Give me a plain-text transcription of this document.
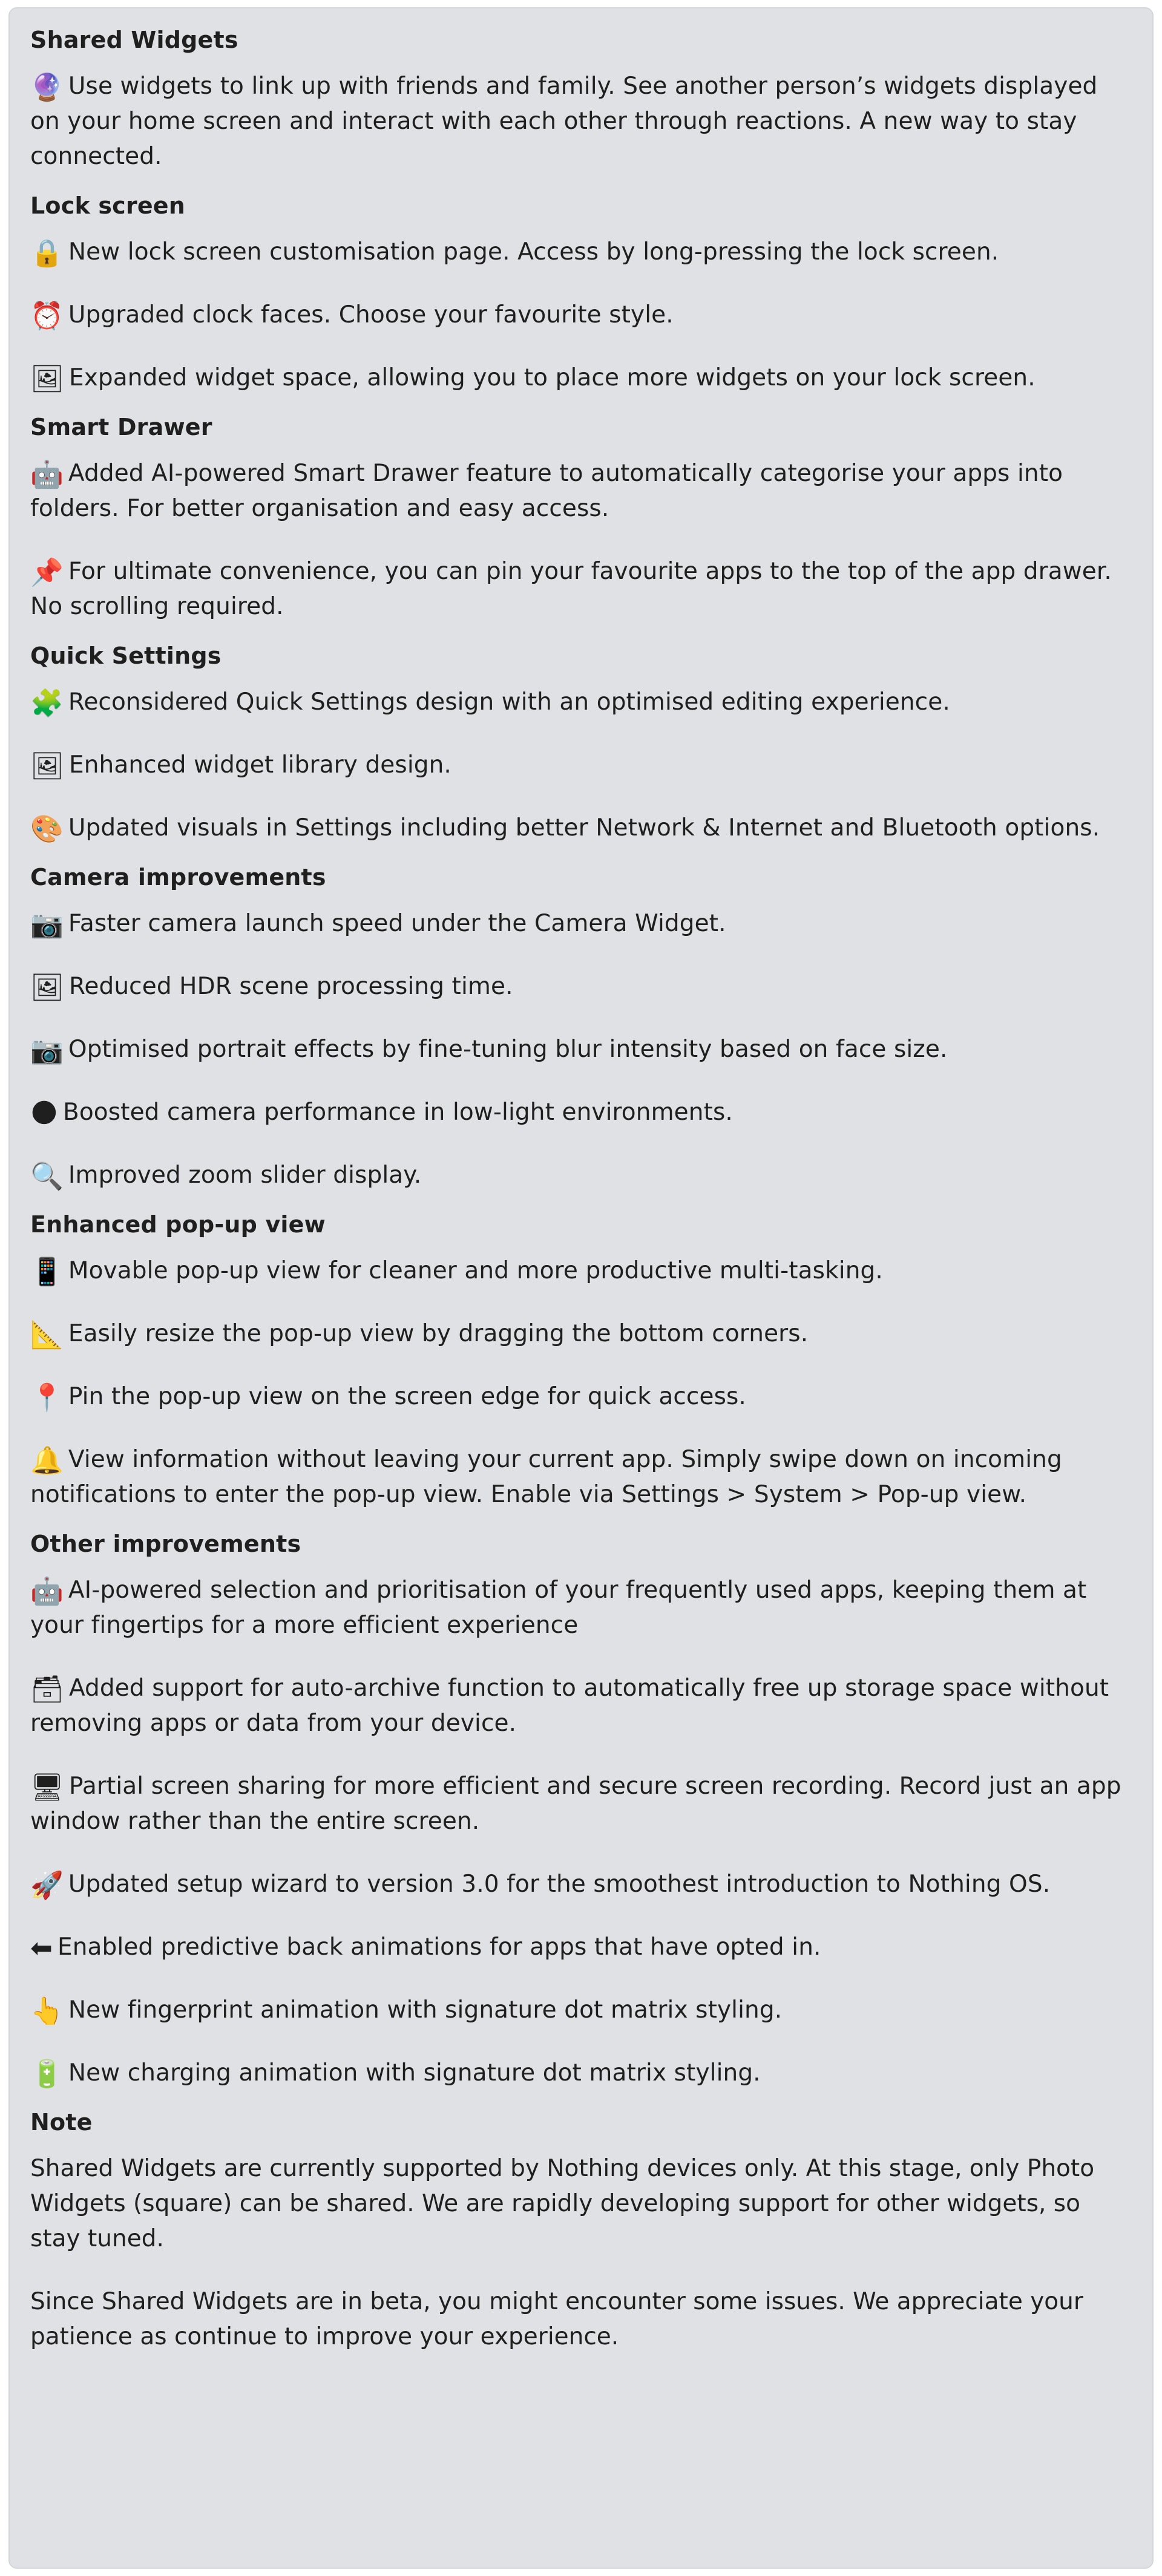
Shared Widgets

🔮 Use widgets to link up with friends and family. See another person’s widgets displayed on your home screen and interact with each other through reactions. A new way to stay connected.

Lock screen

🔒 New lock screen customisation page. Access by long-pressing the lock screen.

⏰ Upgraded clock faces. Choose your favourite style.

🖼 Expanded widget space, allowing you to place more widgets on your lock screen.

Smart Drawer

🤖 Added AI-powered Smart Drawer feature to automatically categorise your apps into folders. For better organisation and easy access.

📌 For ultimate convenience, you can pin your favourite apps to the top of the app drawer. No scrolling required.

Quick Settings

🧩 Reconsidered Quick Settings design with an optimised editing experience.

🖼 Enhanced widget library design.

🎨 Updated visuals in Settings including better Network & Internet and Bluetooth options.

Camera improvements

📷 Faster camera launch speed under the Camera Widget.

🖼 Reduced HDR scene processing time.

📷 Optimised portrait effects by fine-tuning blur intensity based on face size.

🌑 Boosted camera performance in low-light environments.

🔍 Improved zoom slider display.

Enhanced pop-up view

📱 Movable pop-up view for cleaner and more productive multi-tasking.

📐 Easily resize the pop-up view by dragging the bottom corners.

📍 Pin the pop-up view on the screen edge for quick access.

🔔 View information without leaving your current app. Simply swipe down on incoming notifications to enter the pop-up view. Enable via Settings > System > Pop-up view.

Other improvements

🤖 AI-powered selection and prioritisation of your frequently used apps, keeping them at your fingertips for a more efficient experience

🗃 Added support for auto-archive function to automatically free up storage space without removing apps or data from your device.

🖥 Partial screen sharing for more efficient and secure screen recording. Record just an app window rather than the entire screen.

🚀 Updated setup wizard to version 3.0 for the smoothest introduction to Nothing OS.

⬅ Enabled predictive back animations for apps that have opted in.

👆 New fingerprint animation with signature dot matrix styling.

🔋 New charging animation with signature dot matrix styling.

Note

Shared Widgets are currently supported by Nothing devices only. At this stage, only Photo Widgets (square) can be shared. We are rapidly developing support for other widgets, so stay tuned.

Since Shared Widgets are in beta, you might encounter some issues. We appreciate your patience as continue to improve your experience.
